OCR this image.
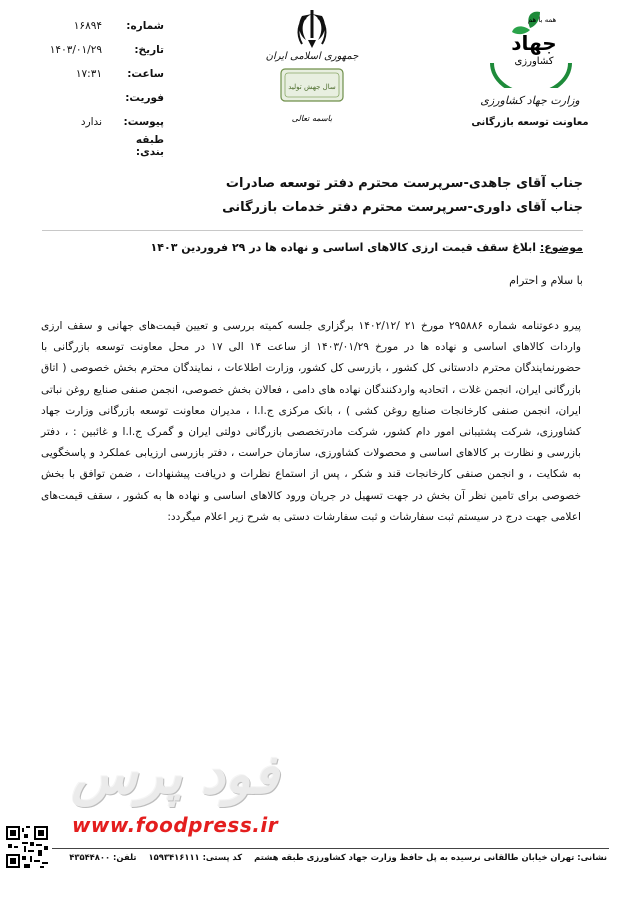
همه با هم
جهاد
کشاورزی
وزارت جهاد کشاورزی
معاونت توسعه بازرگانی
جمهوری اسلامی ایران
سال جهش تولید
باسمه تعالی
شماره:
۱۶۸۹۴
تاریخ:
۱۴۰۳/۰۱/۲۹
ساعت:
۱۷:۳۱
فوریت:
پیوست:
ندارد
طبقه بندی:
جناب آقای جاهدی-سرپرست محترم دفتر توسعه صادرات
جناب آقای داوری-سرپرست محترم دفتر خدمات بازرگانی
موضوع: ابلاغ سقف قیمت ارزی کالاهای اساسی و نهاده ها در ۲۹ فروردین ۱۴۰۳
با سلام و احترام
پیرو دعوتنامه شماره ۲۹۵۸۸۶ مورخ ۲۱ /۱۴۰۲/۱۲ برگزاری جلسه کمیته بررسی و تعیین قیمت‌های جهانی و سقف ارزی واردات کالاهای اساسی و نهاده ها در مورخ ۱۴۰۳/۰۱/۲۹ از ساعت ۱۴ الی ۱۷ در محل معاونت توسعه بازرگانی با حضورنمایندگان محترم دادستانی کل کشور ، بازرسی کل کشور، وزارت اطلاعات ، نمایندگان محترم بخش خصوصی ( اتاق بازرگانی ایران، انجمن غلات ، اتحادیه واردکنندگان نهاده های دامی ، فعالان بخش خصوصی، انجمن صنفی صنایع روغن نباتی ایران، انجمن صنفی کارخانجات صنایع روغن کشی ) ، بانک مرکزی ج.ا.ا ، مدیران معاونت توسعه بازرگانی وزارت جهاد کشاورزی، شرکت پشتیبانی امور دام کشور، شرکت مادرتخصصی بازرگانی دولتی ایران و گمرک ج.ا.ا و غائبین : ، دفتر بازرسی و نظارت بر کالاهای اساسی و محصولات کشاورزی، سازمان حراست ، دفتر بازرسی ارزیابی عملکرد و پاسخگویی به شکایت ، و انجمن صنفی کارخانجات قند و شکر ، پس از استماع نظرات و دریافت پیشنهادات ، ضمن توافق با بخش خصوصی برای تامین نظر آن بخش در جهت تسهیل در جریان ورود کالاهای اساسی و نهاده ها به کشور ، سقف قیمت‌های اعلامی جهت درج در سیستم ثبت سفارشات و ثبت سفارشات دستی به شرح زیر اعلام میگردد:
فود پرس
www.foodpress.ir
نشانی: تهران خیابان طالقانی نرسیده به پل حافظ وزارت جهاد کشاورزی طبقه هشتم
کد پستی: ۱۵۹۳۴۱۶۱۱۱
تلفن: ۴۳۵۴۴۸۰۰
